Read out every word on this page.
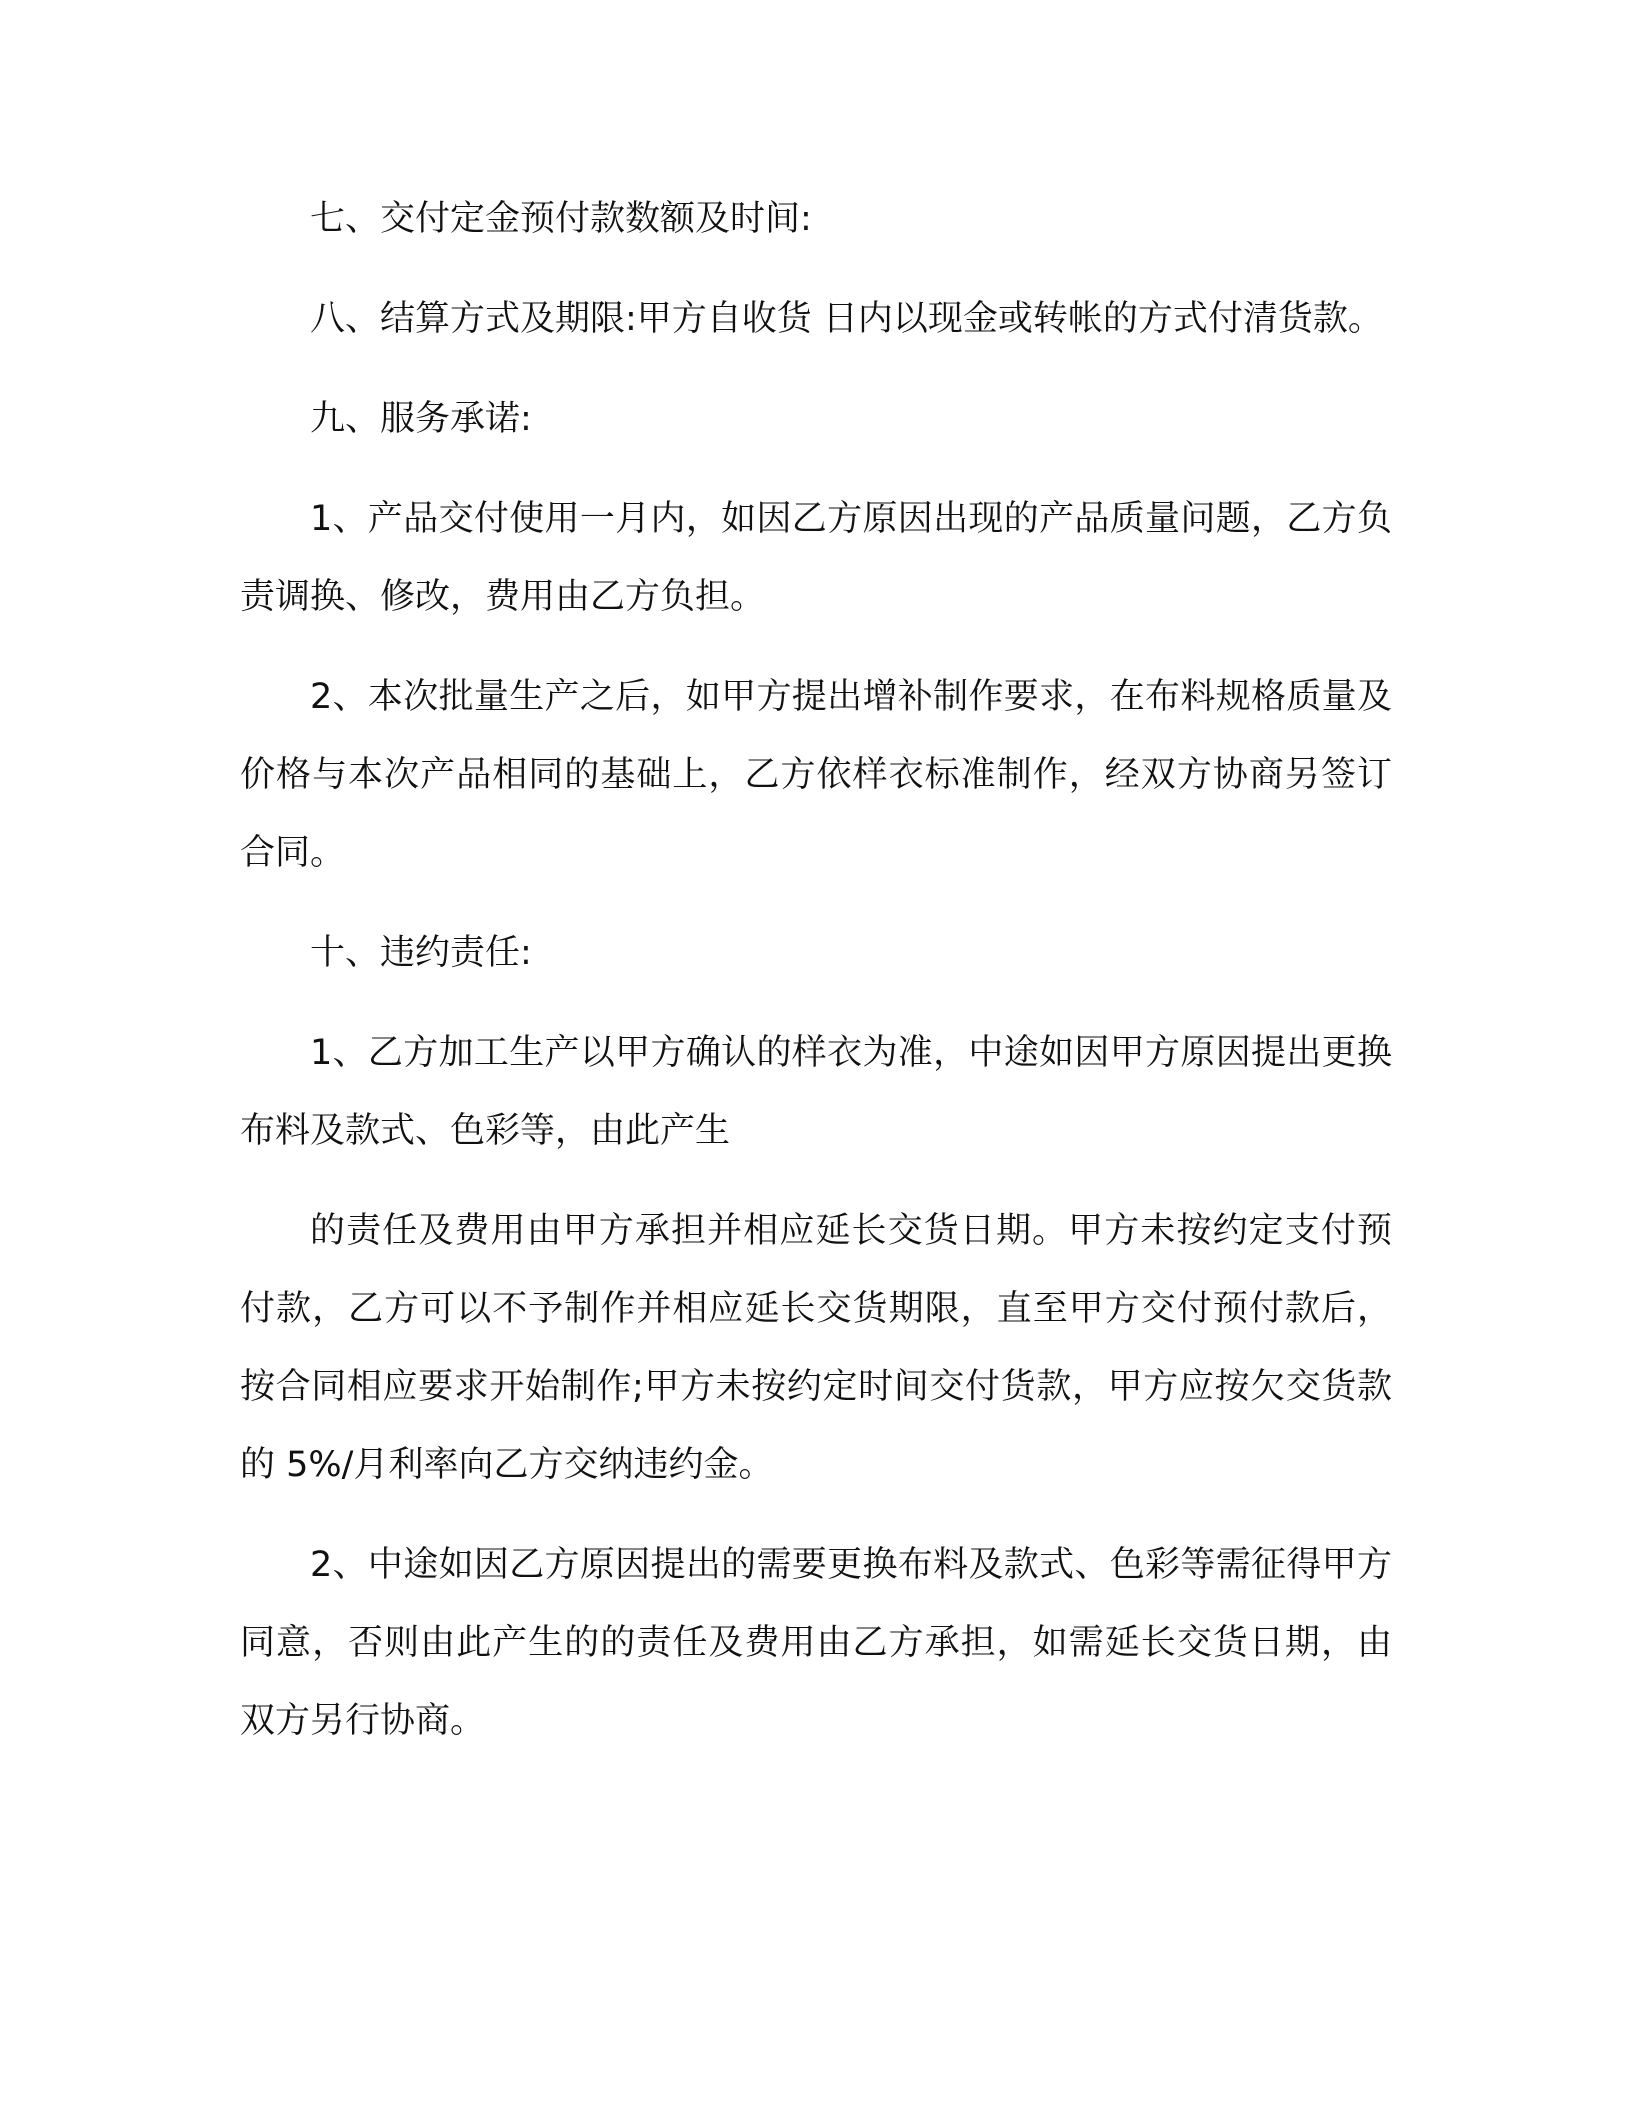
七、交付定金预付款数额及时间:

八、结算方式及期限:甲方自收货 日内以现金或转帐的方式付清货款。

九、服务承诺:

1、产品交付使用一月内，如因乙方原因出现的产品质量问题，乙方负责调换、修改，费用由乙方负担。

2、本次批量生产之后，如甲方提出增补制作要求，在布料规格质量及价格与本次产品相同的基础上，乙方依样衣标准制作，经双方协商另签订合同。

十、违约责任:

1、乙方加工生产以甲方确认的样衣为准，中途如因甲方原因提出更换布料及款式、色彩等，由此产生

的责任及费用由甲方承担并相应延长交货日期。甲方未按约定支付预付款，乙方可以不予制作并相应延长交货期限，直至甲方交付预付款后，按合同相应要求开始制作;甲方未按约定时间交付货款，甲方应按欠交货款的 5%/月利率向乙方交纳违约金。

2、中途如因乙方原因提出的需要更换布料及款式、色彩等需征得甲方同意，否则由此产生的的责任及费用由乙方承担，如需延长交货日期，由双方另行协商。
